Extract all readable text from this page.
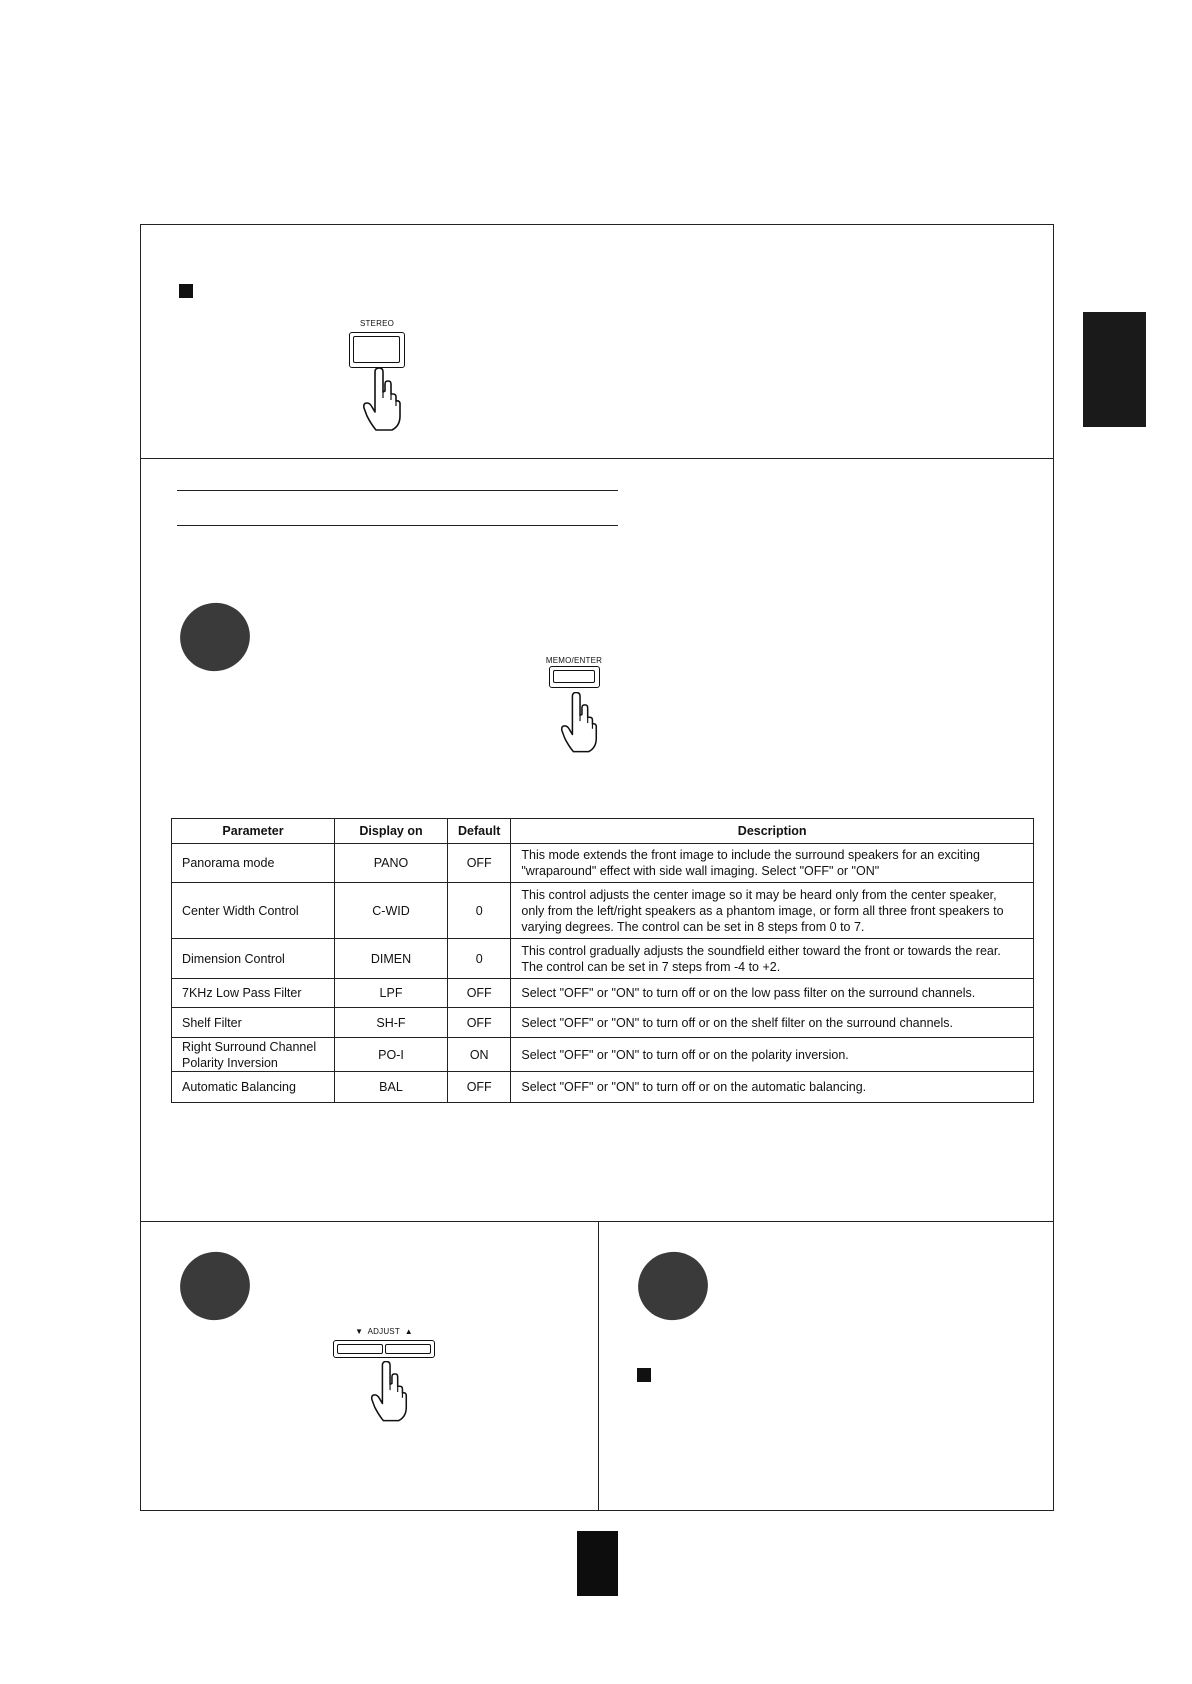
STEREO
MEMO/ENTER
Parameter	Display on	Default	Description
Panorama mode	PANO	OFF	This mode extends the front image to include the surround speakers for an exciting "wraparound" effect with side wall imaging. Select "OFF" or "ON"
Center Width Control	C-WID	0	This control adjusts the center image so it may be heard only from the center speaker, only from the left/right speakers as a phantom image, or form all three front speakers to varying degrees. The control can be set in 8 steps from 0 to 7.
Dimension Control	DIMEN	0	This control gradually adjusts the soundfield either toward the front or towards the rear. The control can be set in 7 steps from -4 to +2.
7KHz Low Pass Filter	LPF	OFF	Select "OFF" or "ON" to turn off or on the low pass filter on the surround channels.
Shelf Filter	SH-F	OFF	Select "OFF" or "ON" to turn off or on the shelf filter on the surround channels.
Right Surround Channel Polarity Inversion	PO-I	ON	Select "OFF" or "ON" to turn off or on the polarity inversion.
Automatic Balancing	BAL	OFF	Select "OFF" or "ON" to turn off or on the automatic balancing.
▼ ADJUST ▲
